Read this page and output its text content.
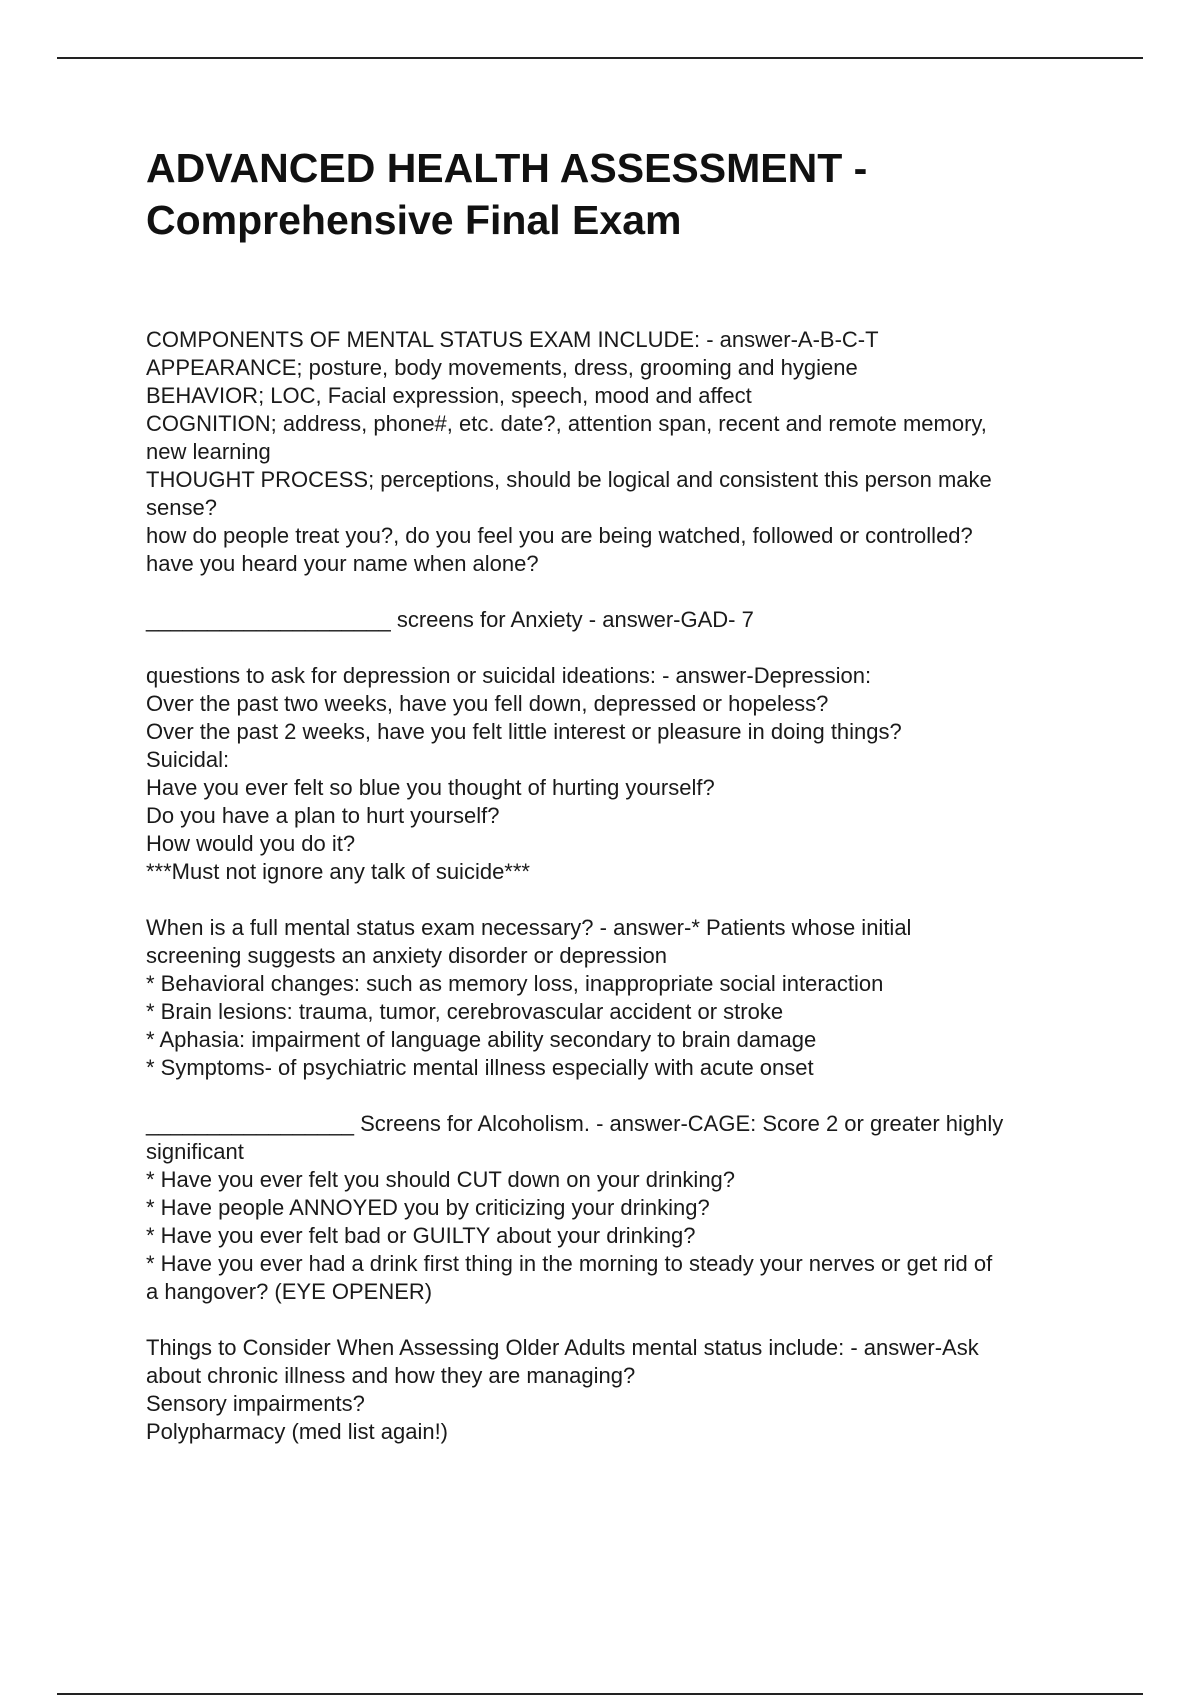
ADVANCED HEALTH ASSESSMENT -
Comprehensive Final Exam
COMPONENTS OF MENTAL STATUS EXAM INCLUDE: - answer-A-B-C-T
APPEARANCE; posture, body movements, dress, grooming and hygiene
BEHAVIOR; LOC, Facial expression, speech, mood and affect
COGNITION; address, phone#, etc. date?, attention span, recent and remote memory,
new learning
THOUGHT PROCESS; perceptions, should be logical and consistent this person make
sense?
how do people treat you?, do you feel you are being watched, followed or controlled?
have you heard your name when alone?
____________________ screens for Anxiety - answer-GAD- 7
questions to ask for depression or suicidal ideations: - answer-Depression:
Over the past two weeks, have you fell down, depressed or hopeless?
Over the past 2 weeks, have you felt little interest or pleasure in doing things?
Suicidal:
Have you ever felt so blue you thought of hurting yourself?
Do you have a plan to hurt yourself?
How would you do it?
***Must not ignore any talk of suicide***
When is a full mental status exam necessary? - answer-* Patients whose initial
screening suggests an anxiety disorder or depression
* Behavioral changes: such as memory loss, inappropriate social interaction
* Brain lesions: trauma, tumor, cerebrovascular accident or stroke
* Aphasia: impairment of language ability secondary to brain damage
* Symptoms- of psychiatric mental illness especially with acute onset
_________________ Screens for Alcoholism. - answer-CAGE: Score 2 or greater highly
significant
* Have you ever felt you should CUT down on your drinking?
* Have people ANNOYED you by criticizing your drinking?
* Have you ever felt bad or GUILTY about your drinking?
* Have you ever had a drink first thing in the morning to steady your nerves or get rid of
a hangover? (EYE OPENER)
Things to Consider When Assessing Older Adults mental status include: - answer-Ask
about chronic illness and how they are managing?
Sensory impairments?
Polypharmacy (med list again!)
